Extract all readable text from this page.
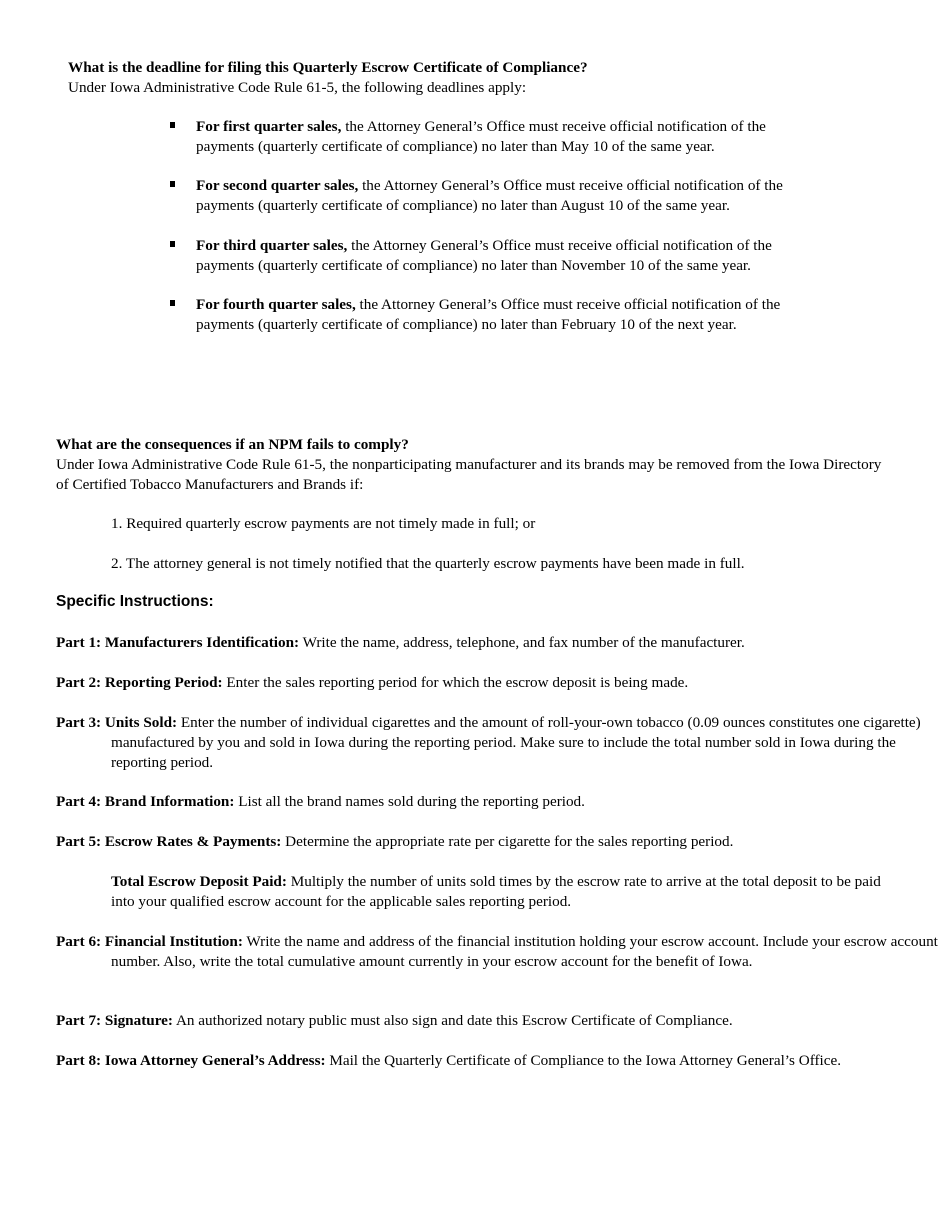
What is the deadline for filing this Quarterly Escrow Certificate of Compliance?
Under Iowa Administrative Code Rule 61-5, the following deadlines apply:
For first quarter sales, the Attorney General’s Office must receive official notification of the payments (quarterly certificate of compliance) no later than May 10 of the same year.
For second quarter sales, the Attorney General’s Office must receive official notification of the payments (quarterly certificate of compliance) no later than August 10 of the same year.
For third quarter sales, the Attorney General’s Office must receive official notification of the payments (quarterly certificate of compliance) no later than November 10 of the same year.
For fourth quarter sales, the Attorney General’s Office must receive official notification of the payments (quarterly certificate of compliance) no later than February 10 of the next year.
What are the consequences if an NPM fails to comply?
Under Iowa Administrative Code Rule 61-5, the nonparticipating manufacturer and its brands may be removed from the Iowa Directory of Certified Tobacco Manufacturers and Brands if:
1. Required quarterly escrow payments are not timely made in full; or
2. The attorney general is not timely notified that the quarterly escrow payments have been made in full.
Specific Instructions:
Part 1: Manufacturers Identification: Write the name, address, telephone, and fax number of the manufacturer.
Part 2: Reporting Period: Enter the sales reporting period for which the escrow deposit is being made.
Part 3: Units Sold: Enter the number of individual cigarettes and the amount of roll-your-own tobacco (0.09 ounces constitutes one cigarette) manufactured by you and sold in Iowa during the reporting period. Make sure to include the total number sold in Iowa during the reporting period.
Part 4: Brand Information: List all the brand names sold during the reporting period.
Part 5: Escrow Rates & Payments: Determine the appropriate rate per cigarette for the sales reporting period.
Total Escrow Deposit Paid: Multiply the number of units sold times by the escrow rate to arrive at the total deposit to be paid into your qualified escrow account for the applicable sales reporting period.
Part 6: Financial Institution: Write the name and address of the financial institution holding your escrow account. Include your escrow account number. Also, write the total cumulative amount currently in your escrow account for the benefit of Iowa.
Part 7: Signature: An authorized notary public must also sign and date this Escrow Certificate of Compliance.
Part 8: Iowa Attorney General’s Address: Mail the Quarterly Certificate of Compliance to the Iowa Attorney General’s Office.
